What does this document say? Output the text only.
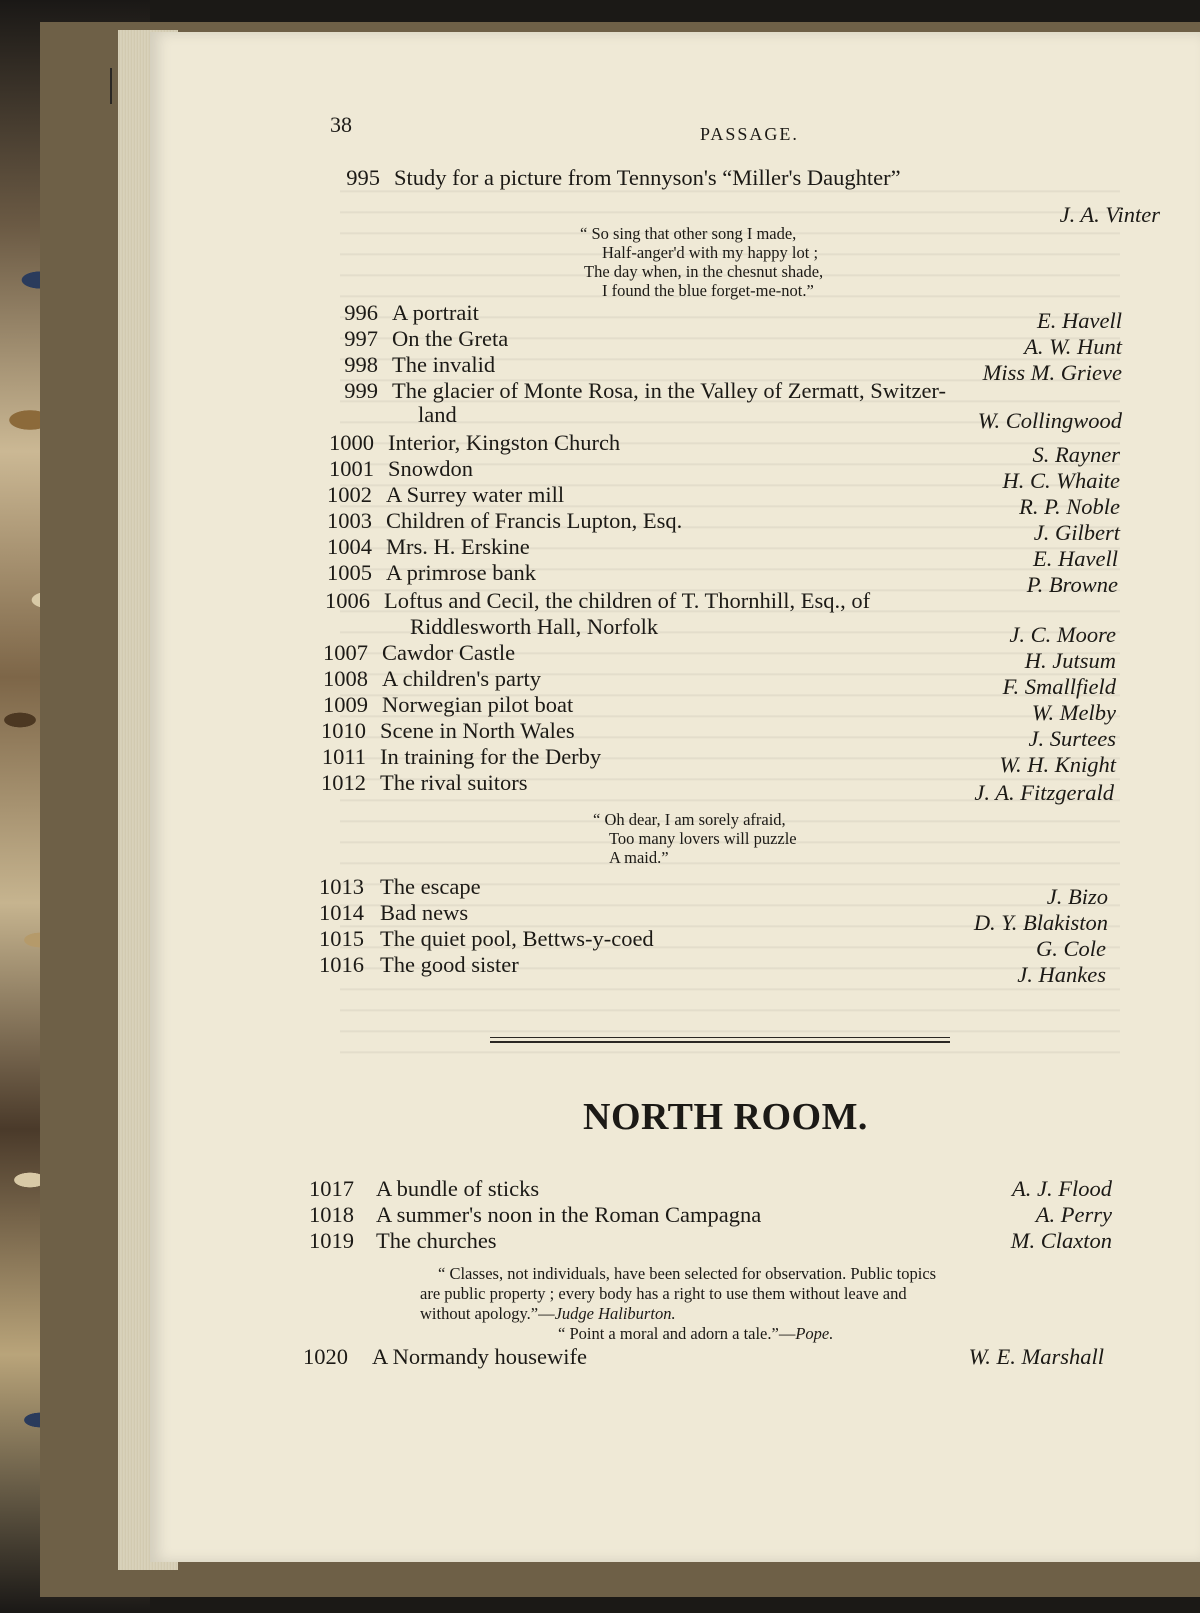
38	PASSAGE.
995 Study for a picture from Tennyson's “Miller's Daughter”
J. A. Vinter
“ So sing that other song I made,
Half-anger'd with my happy lot ;
The day when, in the chesnut shade,
I found the blue forget-me-not.”
996 A portrait	E. Havell
997 On the Greta	A. W. Hunt
998 The invalid	Miss M. Grieve
999 The glacier of Monte Rosa, in the Valley of Zermatt, Switzer-
land	W. Collingwood
1000 Interior, Kingston Church	S. Rayner
1001 Snowdon	H. C. Whaite
1002 A Surrey water mill	R. P. Noble
1003 Children of Francis Lupton, Esq.	J. Gilbert
1004 Mrs. H. Erskine	E. Havell
1005 A primrose bank	P. Browne
1006 Loftus and Cecil, the children of T. Thornhill, Esq., of
Riddlesworth Hall, Norfolk	J. C. Moore
1007 Cawdor Castle	H. Jutsum
1008 A children's party	F. Smallfield
1009 Norwegian pilot boat	W. Melby
1010 Scene in North Wales	J. Surtees
1011 In training for the Derby	W. H. Knight
1012 The rival suitors	J. A. Fitzgerald
“ Oh dear, I am sorely afraid,
Too many lovers will puzzle
A maid.”
1013 The escape	J. Bizo
1014 Bad news	D. Y. Blakiston
1015 The quiet pool, Bettws-y-coed	G. Cole
1016 The good sister	J. Hankes
NORTH ROOM.
1017 A bundle of sticks	A. J. Flood
1018 A summer's noon in the Roman Campagna	A. Perry
1019 The churches	M. Claxton
“ Classes, not individuals, have been selected for observation. Public topics
are public property ; every body has a right to use them without leave and
without apology.”—Judge Haliburton.
“ Point a moral and adorn a tale.”—Pope.
1020 A Normandy housewife	W. E. Marshall
